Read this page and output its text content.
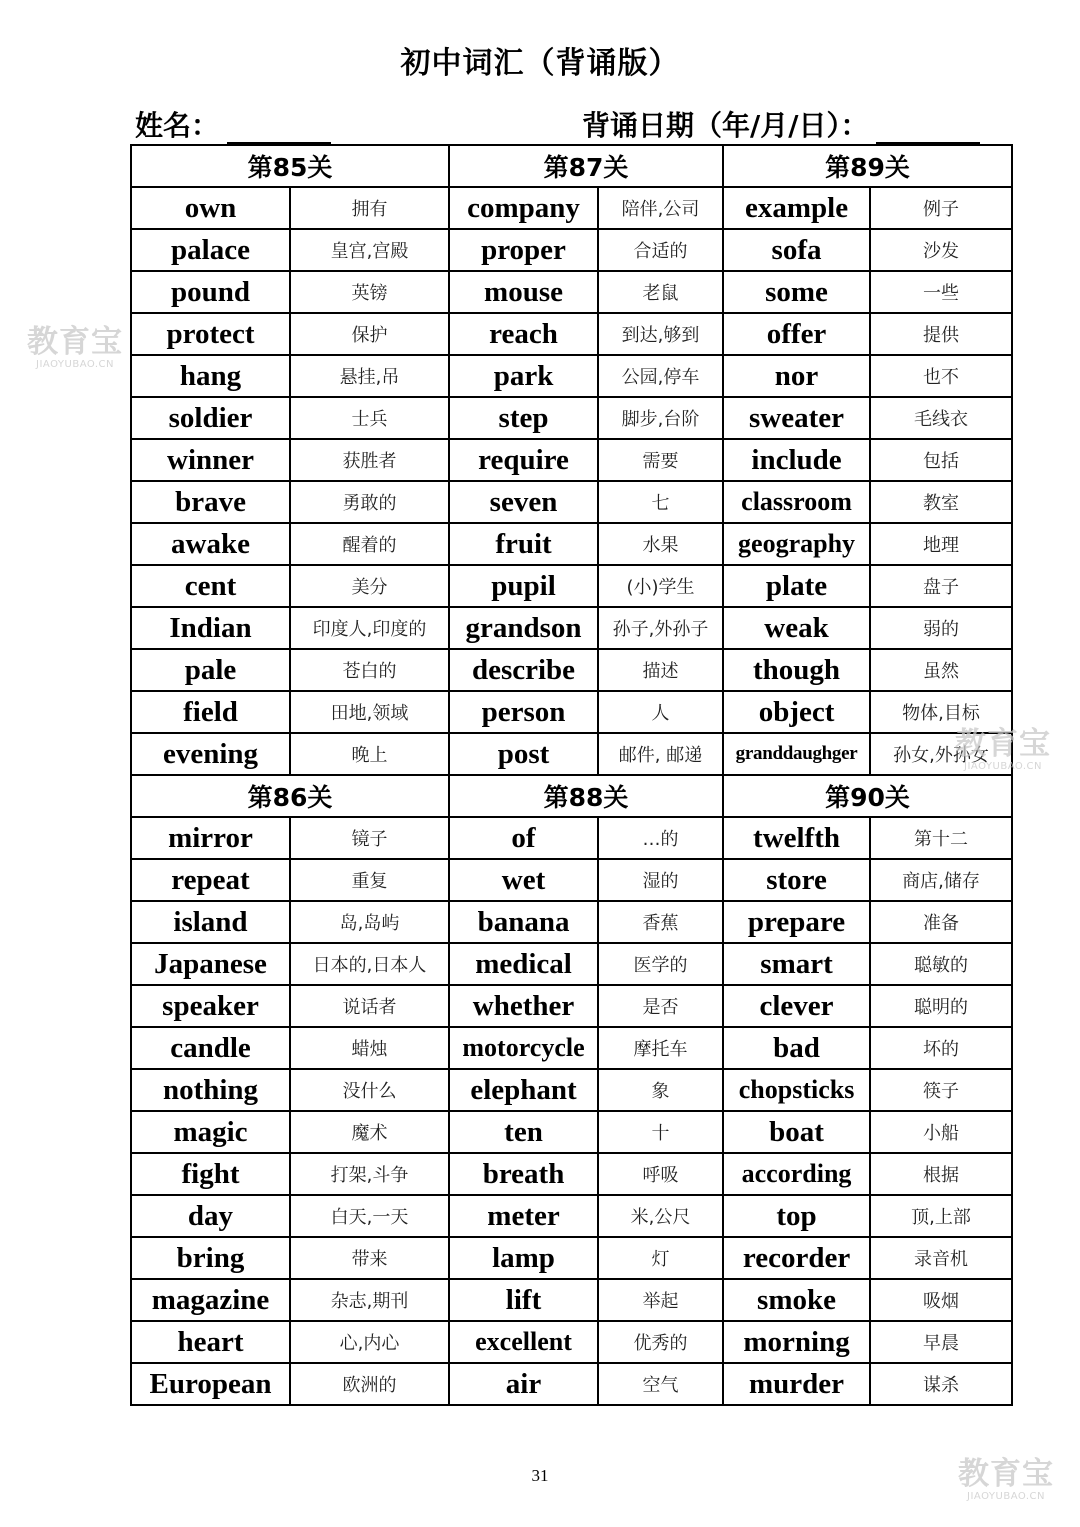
初中词汇（背诵版）
姓名：	背诵日期（年/月/日）：
第85关		第87关		第89关	
own	拥有	company	陪伴,公司	example	例子
palace	皇宫,宫殿	proper	合适的	sofa	沙发
pound	英镑	mouse	老鼠	some	一些
protect	保护	reach	到达,够到	offer	提供
hang	悬挂,吊	park	公园,停车	nor	也不
soldier	士兵	step	脚步,台阶	sweater	毛线衣
winner	获胜者	require	需要	include	包括
brave	勇敢的	seven	七	classroom	教室
awake	醒着的	fruit	水果	geography	地理
cent	美分	pupil	(小)学生	plate	盘子
Indian	印度人,印度的	grandson	孙子,外孙子	weak	弱的
pale	苍白的	describe	描述	though	虽然
field	田地,领域	person	人	object	物体,目标
evening	晚上	post	邮件, 邮递	granddaughger	孙女,外孙女
第86关		第88关		第90关	
mirror	镜子	of	…的	twelfth	第十二
repeat	重复	wet	湿的	store	商店,储存
island	岛,岛屿	banana	香蕉	prepare	准备
Japanese	日本的,日本人	medical	医学的	smart	聪敏的
speaker	说话者	whether	是否	clever	聪明的
candle	蜡烛	motorcycle	摩托车	bad	坏的
nothing	没什么	elephant	象	chopsticks	筷子
magic	魔术	ten	十	boat	小船
fight	打架,斗争	breath	呼吸	according	根据
day	白天,一天	meter	米,公尺	top	顶,上部
bring	带来	lamp	灯	recorder	录音机
magazine	杂志,期刊	lift	举起	smoke	吸烟
heart	心,内心	excellent	优秀的	morning	早晨
European	欧洲的	air	空气	murder	谋杀
31
教育宝
JIAOYUBAO.CN
教育宝
JIAOYUBAO.CN
教育宝
JIAOYUBAO.CN
